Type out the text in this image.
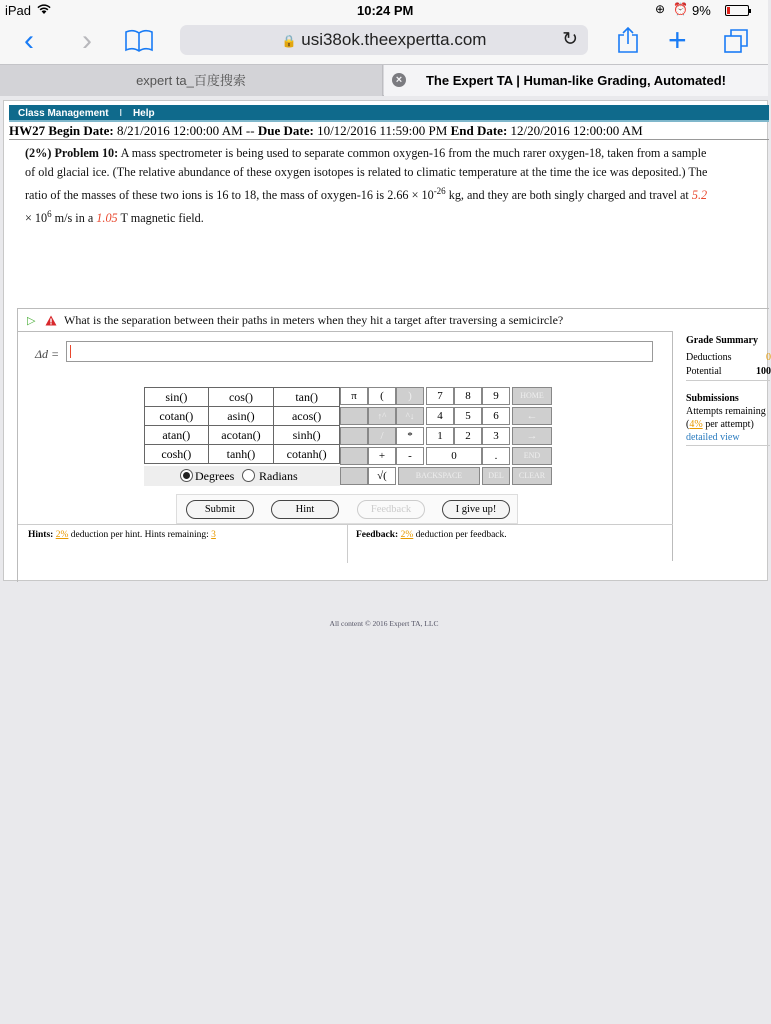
iPad	10:24 PM	⊕ ⏰ 9%
‹ ›	🔒 usi38ok.theexpertta.com	↻	+
expert ta_百度搜索	× The Expert TA | Human-like Grading, Automated!
Class Management I Help
HW27 Begin Date: 8/21/2016 12:00:00 AM -- Due Date: 10/12/2016 11:59:00 PM End Date: 12/20/2016 12:00:00 AM
(2%) Problem 10: A mass spectrometer is being used to separate common oxygen-16 from the much rarer oxygen-18, taken from a sample of old glacial ice. (The relative abundance of these oxygen isotopes is related to climatic temperature at the time the ice was deposited.) The ratio of the masses of these two ions is 16 to 18, the mass of oxygen-16 is $2.66 \times 10^{-26}$ kg, and they are both singly charged and travel at $5.2 \times 10^6$ m/s in a 1.05 T magnetic field.
▷ What is the separation between their paths in meters when they hit a target after traversing a semicircle?
Δd =
sin()	cos()	tan()
cotan()	asin()	acos()
atan()	acotan()	sinh()
cosh()	tanh()	cotanh()
Degrees Radians
π	(	)	7	8	9	HOME
↑^	^↓	4	5	6	←
/	*	1	2	3	→
+	-	0	.	END
√(	BACKSPACE	DEL	CLEAR
Submit	Hint	Feedback	I give up!
Hints: 2% deduction per hint. Hints remaining: 3	Feedback: 2% deduction per feedback.
Grade Summary
Deductions	0
Potential	100
Submissions
Attempts remaining
(4% per attempt)
detailed view
All content © 2016 Expert TA, LLC
